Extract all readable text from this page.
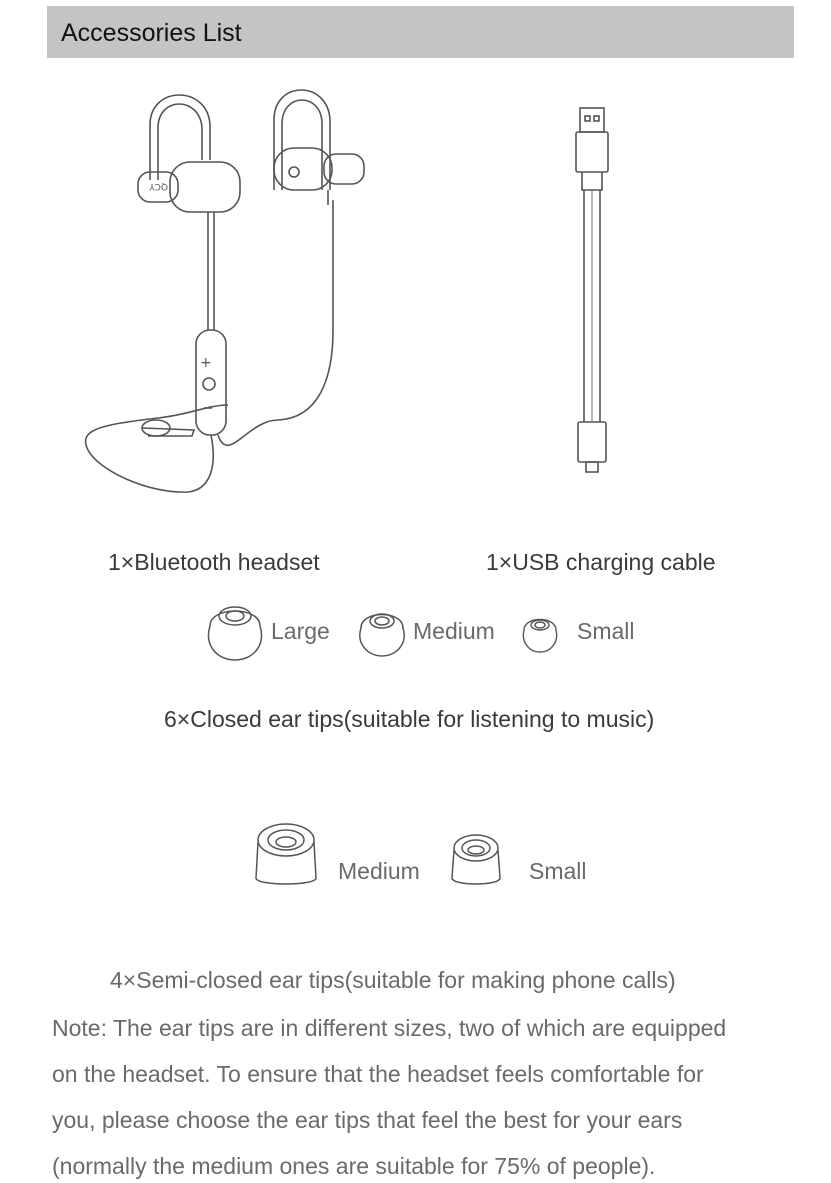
Accessories List
QCY
+
1×Bluetooth headset	1×USB charging cable
Large	Medium	Small
6×Closed ear tips(suitable for listening to music)
Medium	Small
4×Semi-closed ear tips(suitable for making phone calls)

Note: The ear tips are in different sizes, two of which are equipped

on the headset. To ensure that the headset feels comfortable for

you, please choose the ear tips that feel the best for your ears

(normally the medium ones are suitable for 75% of people).
